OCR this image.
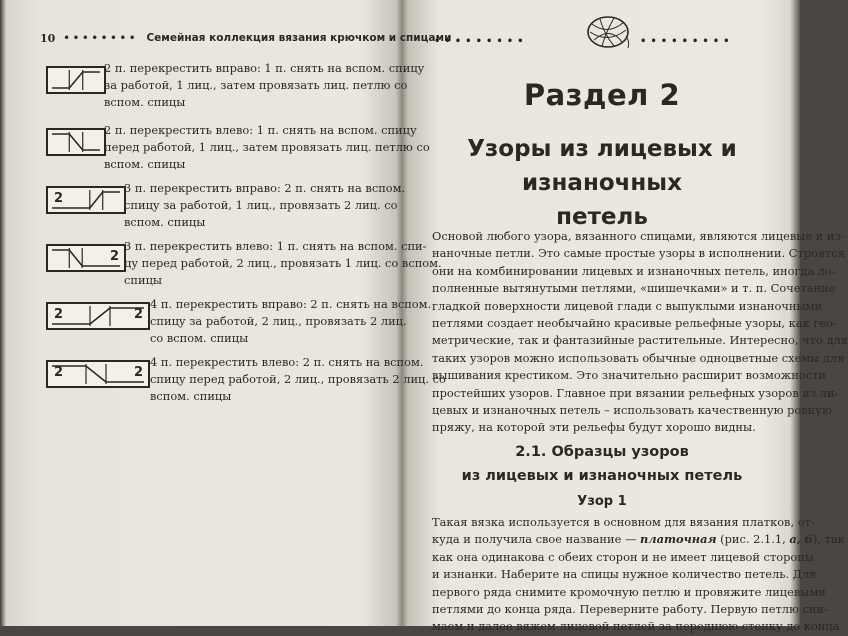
10 •••••••• Семейная коллекция вязания крючком и спицами
2 п. перекрестить вправо: 1 п. снять на вспом. спицу
за работой, 1 лиц., затем провязать лиц. петлю со
вспом. спицы
2 п. перекрестить влево: 1 п. снять на вспом. спицу
перед работой, 1 лиц., затем провязать лиц. петлю со
вспом. спицы
2
3 п. перекрестить вправо: 2 п. снять на вспом.
спицу за работой, 1 лиц., провязать 2 лиц. со
вспом. спицы
2
3 п. перекрестить влево: 1 п. снять на вспом. спи-
цу перед работой, 2 лиц., провязать 1 лиц. со вспом.
спицы
2	2
4 п. перекрестить вправо: 2 п. снять на вспом.
спицу за работой, 2 лиц., провязать 2 лиц.
со вспом. спицы
2	2
4 п. перекрестить влево: 2 п. снять на вспом.
спицу перед работой, 2 лиц., провязать 2 лиц. со
вспом. спицы
•••••••••	•••••••••
Раздел 2
Узоры из лицевых и изнаночных
петель
Основой любого узора, вязанного спицами, являются лицевые и из-
наночные петли. Это самые простые узоры в исполнении. Строятся
они на комбинировании лицевых и изнаночных петель, иногда до-
полненные вытянутыми петлями, «шишечками» и т. п. Сочетание
гладкой поверхности лицевой глади с выпуклыми изнаночными
петлями создает необычайно красивые рельефные узоры, как гео-
метрические, так и фантазийные растительные. Интересно, что для
таких узоров можно использовать обычные одноцветные схемы для
вышивания крестиком. Это значительно расширит возможности
простейших узоров. Главное при вязании рельефных узоров из ли-
цевых и изнаночных петель – использовать качественную ровную
пряжу, на которой эти рельефы будут хорошо видны.
2.1. Образцы узоров
из лицевых и изнаночных петель
Узор 1
Такая вязка используется в основном для вязания платков, от-
куда и получила свое название — платочная (рис. 2.1.1, а, б), так
как она одинакова с обеих сторон и не имеет лицевой стороны
и изнанки. Наберите на спицы нужное количество петель. Для
первого ряда снимите кромочную петлю и провяжите лицевыми
петлями до конца ряда. Переверните работу. Первую петлю сни-
маем и далее вяжем лицевой петлей за переднюю стенку до конца
